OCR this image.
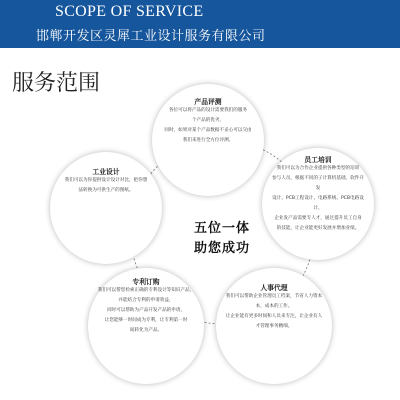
SCOPE OF SERVICE
邯郸开发区灵犀工业设计服务有限公司
服务范围
产品评测
各位可以将产品的设计需要我们的服务
个产品的优劣，
同时，如果对某个产品数据不妥心可以交由
我们来进行全方位评测。
工业设计
我们可以为你提供设计设计对比，把你想
法转换为可供生产的图纸。
员工培训
我们可以为合作企业提供各种类型的培训
参与人员，根据不同的子计算机基础，软件开发
设计、PCB工程设计、电路系统、PCB电路设计、
企业发产品需要专人才，通过提升员工自身
的技能，让企业能更好发展并增加业绩。
专利订购
我们可以帮您检索正确的专利设计等知识产品，
并能结合专利的申请效益，
同时可以帮助为产品开发产品的申请，
让您能够一时间成为专利，让专利第一时
间转化为产品。
人事代理
我们可以帮助企业管理员工档案，节省人力资本
本，成本的工作。
让企业能有更多时间和人员来专注，让企业有人
才管理事务精细。
五位一体
助您成功
